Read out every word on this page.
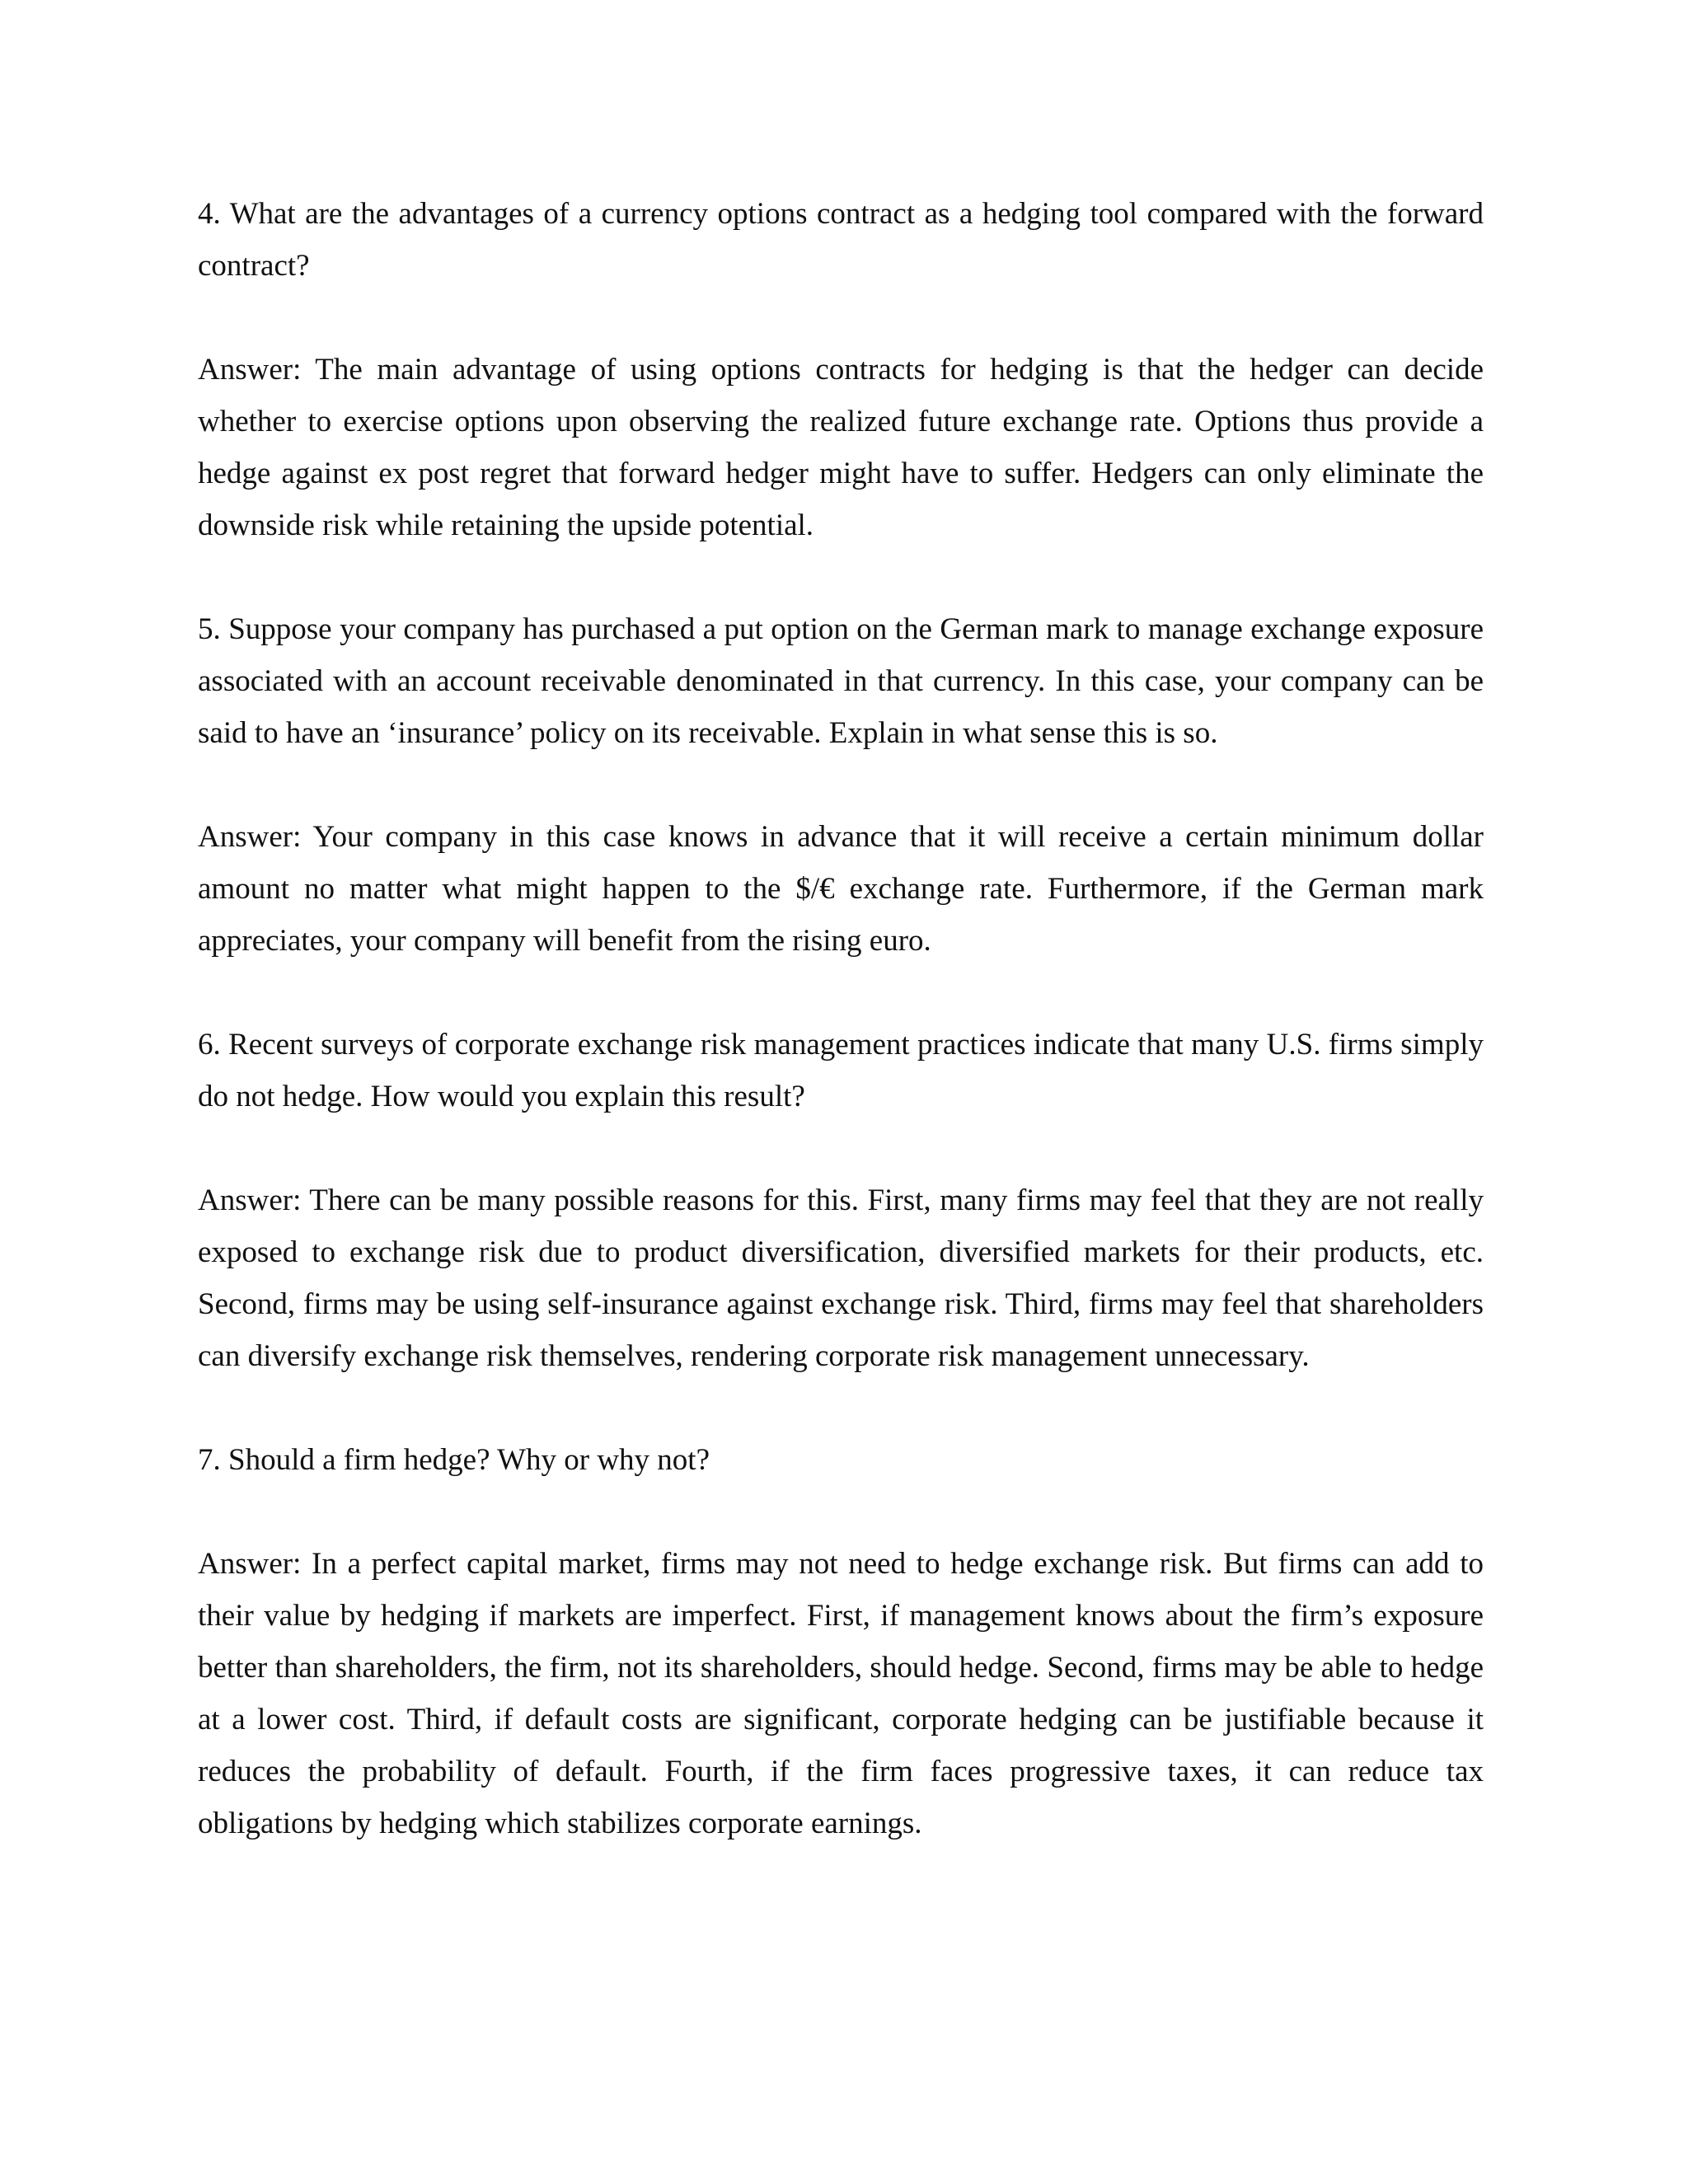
4. What are the advantages of a currency options contract as a hedging tool compared with the forward contract?

Answer: The main advantage of using options contracts for hedging is that the hedger can decide whether to exercise options upon observing the realized future exchange rate. Options thus provide a hedge against ex post regret that forward hedger might have to suffer. Hedgers can only eliminate the downside risk while retaining the upside potential.

5. Suppose your company has purchased a put option on the German mark to manage exchange exposure associated with an account receivable denominated in that currency. In this case, your company can be said to have an ‘insurance’ policy on its receivable. Explain in what sense this is so.

Answer: Your company in this case knows in advance that it will receive a certain minimum dollar amount no matter what might happen to the $/€ exchange rate. Furthermore, if the German mark appreciates, your company will benefit from the rising euro.

6. Recent surveys of corporate exchange risk management practices indicate that many U.S. firms simply do not hedge. How would you explain this result?

Answer: There can be many possible reasons for this. First, many firms may feel that they are not really exposed to exchange risk due to product diversification, diversified markets for their products, etc. Second, firms may be using self-insurance against exchange risk. Third, firms may feel that shareholders can diversify exchange risk themselves, rendering corporate risk management unnecessary.

7. Should a firm hedge? Why or why not?

Answer: In a perfect capital market, firms may not need to hedge exchange risk. But firms can add to their value by hedging if markets are imperfect. First, if management knows about the firm’s exposure better than shareholders, the firm, not its shareholders, should hedge. Second, firms may be able to hedge at a lower cost. Third, if default costs are significant, corporate hedging can be justifiable because it reduces the probability of default. Fourth, if the firm faces progressive taxes, it can reduce tax obligations by hedging which stabilizes corporate earnings.
